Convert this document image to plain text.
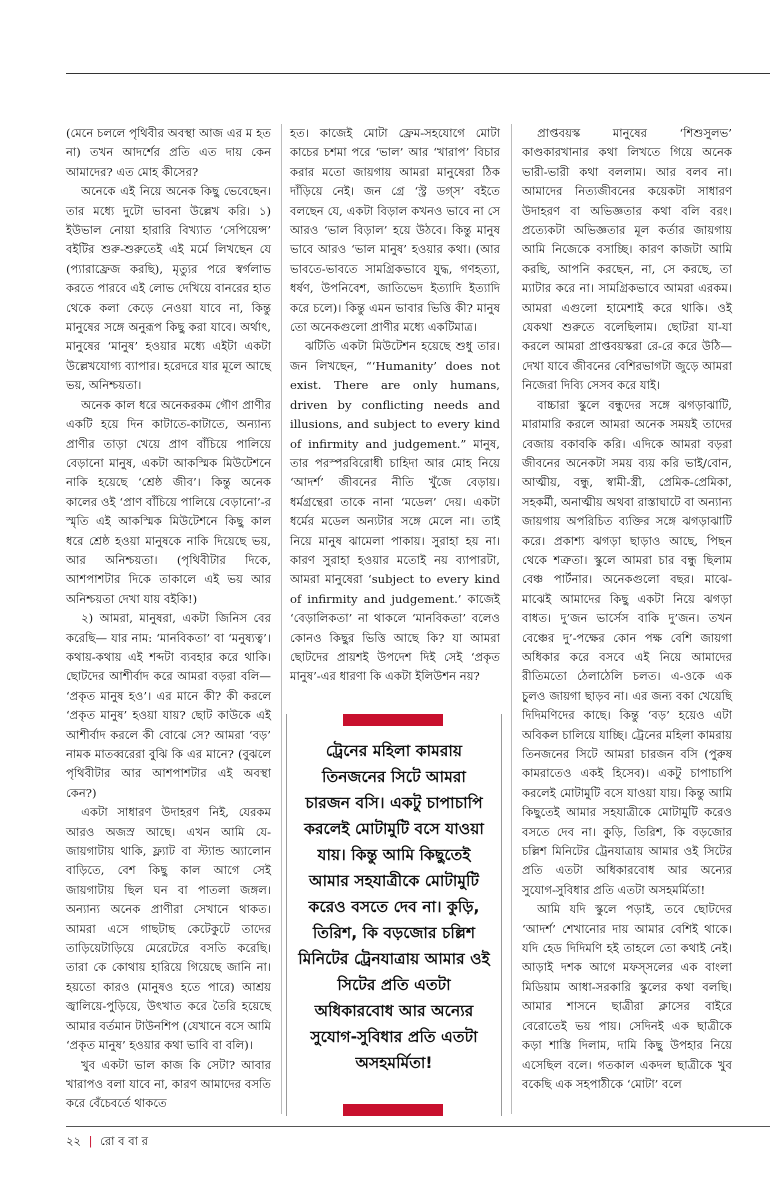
(মেনে চললে পৃথিবীর অবস্থা আজ এর ম হত না) তখন আদর্শের প্রতি এত দায় কেন আমাদের? এত মোহ কীসের?

অনেকে এই নিয়ে অনেক কিছু ভেবেছেন। তার মধ্যে দুটো ভাবনা উল্লেখ করি। ১) ইউভাল নোয়া হারারি বিখ্যাত ‘সেপিয়েন্স’ বইটির শুরু-শুরুতেই এই মর্মে লিখছেন যে (প্যারাফ্রেজ করছি), মৃত্যুর পরে স্বর্গলাভ করতে পারবে এই লোভ দেখিয়ে বানরের হাত থেকে কলা কেড়ে নেওয়া যাবে না, কিন্তু মানুষের সঙ্গে অনুরূপ কিছু করা যাবে। অর্থাৎ, মানুষের ‘মানুষ’ হওয়ার মধ্যে এইটা একটা উল্লেখযোগ্য ব্যাপার। হরেদরে যার মূলে আছে ভয়, অনিশ্চয়তা।

অনেক কাল ধরে অনেকরকম গৌণ প্রাণীর একটি হয়ে দিন কাটাতে-কাটাতে, অন্যান্য প্রাণীর তাড়া খেয়ে প্রাণ বাঁচিয়ে পালিয়ে বেড়ানো মানুষ, একটা আকস্মিক মিউটেশনে নাকি হয়েছে ‘শ্রেষ্ঠ জীব’। কিন্তু অনেক কালের ওই ‘প্রাণ বাঁচিয়ে পালিয়ে বেড়ানো’-র স্মৃতি এই আকস্মিক মিউটেশনে কিছু কাল ধরে শ্রেষ্ঠ হওয়া মানুষকে নাকি দিয়েছে ভয়, আর অনিশ্চয়তা। (পৃথিবীটার দিকে, আশপাশটার দিকে তাকালে এই ভয় আর অনিশ্চয়তা দেখা যায় বইকি!)

২) আমরা, মানুষরা, একটা জিনিস বের করেছি— যার নাম: ‘মানবিকতা’ বা ‘মনুষ্যত্ব’। কথায়-কথায় এই শব্দটা ব্যবহার করে থাকি। ছোটদের আশীর্বাদ করে আমরা বড়রা বলি— ‘প্রকৃত মানুষ হও’। এর মানে কী? কী করলে ‘প্রকৃত মানুষ’ হওয়া যায়? ছোট কাউকে এই আশীর্বাদ করলে কী বোঝে সে? আমরা ‘বড়’ নামক মাতব্বরেরা বুঝি কি এর মানে? (বুঝলে পৃথিবীটার আর আশপাশটার এই অবস্থা কেন?)

একটা সাধারণ উদাহরণ নিই, যেরকম আরও অজস্র আছে। এখন আমি যে-জায়গাটায় থাকি, ফ্ল্যাট বা স্ট্যান্ড অ্যালোন বাড়িতে, বেশ কিছু কাল আগে সেই জায়গাটায় ছিল ঘন বা পাতলা জঙ্গল। অন্যান্য অনেক প্রাণীরা সেখানে থাকত। আমরা এসে গাছটাছ কেটেকুটে তাদের তাড়িয়েটাড়িয়ে মেরেটেরে বসতি করেছি। তারা কে কোথায় হারিয়ে গিয়েছে জানি না। হয়তো কারও (মানুষও হতে পারে) আশ্রয় জ্বালিয়ে-পুড়িয়ে, উৎখাত করে তৈরি হয়েছে আমার বর্তমান টাউনশিপ (যেখানে বসে আমি ‘প্রকৃত মানুষ’ হওয়ার কথা ভাবি বা বলি)।

খুব একটা ভাল কাজ কি সেটা? আবার খারাপও বলা যাবে না, কারণ আমাদের বসতি করে বেঁচেবর্তে থাকতে

হত। কাজেই মোটা ফ্রেম-সহযোগে মোটা কাচের চশমা পরে ‘ভাল’ আর ‘খারাপ’ বিচার করার মতো জায়গায় আমরা মানুষেরা ঠিক দাঁড়িয়ে নেই। জন গ্রে ‘স্ট্র ডগ্স’ বইতে বলছেন যে, একটা বিড়াল কখনও ভাবে না সে আরও ‘ভাল বিড়াল’ হয়ে উঠবে। কিন্তু মানুষ ভাবে আরও ‘ভাল মানুষ’ হওয়ার কথা। (আর ভাবতে-ভাবতে সামগ্রিকভাবে যুদ্ধ, গণহত্যা, ধর্ষণ, উপনিবেশ, জাতিভেদ ইত্যাদি ইত্যাদি করে চলে)। কিন্তু এমন ভাবার ভিত্তি কী? মানুষ তো অনেকগুলো প্রাণীর মধ্যে একটিমাত্র।

ঝটিতি একটা মিউটেশন হয়েছে শুধু তার। জন লিখছেন, “‘Humanity’ does not exist. There are only humans, driven by conflicting needs and illusions, and subject to every kind of infirmity and judgement.” মানুষ, তার পরস্পরবিরোধী চাহিদা আর মোহ নিয়ে ‘আদর্শ’ জীবনের নীতি খুঁজে বেড়ায়। ধর্মগ্রন্থেরা তাকে নানা ‘মডেল’ দেয়। একটা ধর্মের মডেল অন্যটার সঙ্গে মেলে না। তাই নিয়ে মানুষ ঝামেলা পাকায়। সুরাহা হয় না। কারণ সুরাহা হওয়ার মতোই নয় ব্যাপারটা, আমরা মানুষেরা ‘subject to every kind of infirmity and judgement.’ কাজেই ‘বেড়ালিকতা’ না থাকলে ‘মানবিকতা’ বলেও কোনও কিছুর ভিত্তি আছে কি? যা আমরা ছোটদের প্রায়শই উপদেশ দিই সেই ‘প্রকৃত মানুষ’-এর ধারণা কি একটা ইলিউশন নয়?

ট্রেনের মহিলা কামরায় তিনজনের সিটে আমরা চারজন বসি। একটু চাপাচাপি করলেই মোটামুটি বসে যাওয়া যায়। কিন্তু আমি কিছুতেই আমার সহযাত্রীকে মোটামুটি করেও বসতে দেব না। কুড়ি, তিরিশ, কি বড়জোর চল্লিশ মিনিটের ট্রেনযাত্রায় আমার ওই সিটের প্রতি এতটা অধিকারবোধ আর অন্যের সুযোগ-সুবিধার প্রতি এতটা অসহমর্মিতা!

প্রাপ্তবয়স্ক মানুষের ‘শিশুসুলভ’ কাণ্ডকারখানার কথা লিখতে গিয়ে অনেক ভারী-ভারী কথা বললাম। আর বলব না। আমাদের নিত্যজীবনের কয়েকটা সাধারণ উদাহরণ বা অভিজ্ঞতার কথা বলি বরং। প্রত্যেকটা অভিজ্ঞতার মূল কর্তার জায়গায় আমি নিজেকে বসাচ্ছি। কারণ কাজটা আমি করছি, আপনি করছেন, না, সে করছে, তা ম্যাটার করে না। সামগ্রিকভাবে আমরা এরকম। আমরা এগুলো হামেশাই করে থাকি। ওই যেকথা শুরুতে বলেছিলাম। ছোটরা যা-যা করলে আমরা প্রাপ্তবয়স্করা রে-রে করে উঠি— দেখা যাবে জীবনের বেশিরভাগটা জুড়ে আমরা নিজেরা দিব্যি সেসব করে যাই।

বাচ্চারা স্কুলে বন্ধুদের সঙ্গে ঝগড়াঝাটি, মারামারি করলে আমরা অনেক সময়ই তাদের বেজায় বকাবকি করি। এদিকে আমরা বড়রা জীবনের অনেকটা সময় ব্যয় করি ভাই/বোন, আত্মীয়, বন্ধু, স্বামী-স্ত্রী, প্রেমিক-প্রেমিকা, সহকর্মী, অনাত্মীয় অথবা রাস্তাঘাটে বা অন্যান্য জায়গায় অপরিচিত ব্যক্তির সঙ্গে ঝগড়াঝাটি করে। প্রকাশ্য ঝগড়া ছাড়াও আছে, পিছন থেকে শত্রুতা। স্কুলে আমরা চার বন্ধু ছিলাম বেঞ্চ পার্টনার। অনেকগুলো বছর। মাঝে-মাঝেই আমাদের কিছু একটা নিয়ে ঝগড়া বাধত। দু’জন ভার্সেস বাকি দু’জন। তখন বেঞ্চের দু’-পক্ষের কোন পক্ষ বেশি জায়গা অধিকার করে বসবে এই নিয়ে আমাদের রীতিমতো ঠেলাঠেলি চলত। এ-ওকে এক চুলও জায়গা ছাড়ব না। এর জন্য বকা খেয়েছি দিদিমণিদের কাছে। কিন্তু ‘বড়’ হয়েও এটা অবিকল চালিয়ে যাচ্ছি। ট্রেনের মহিলা কামরায় তিনজনের সিটে আমরা চারজন বসি (পুরুষ কামরাতেও একই হিসেব)। একটু চাপাচাপি করলেই মোটামুটি বসে যাওয়া যায়। কিন্তু আমি কিছুতেই আমার সহযাত্রীকে মোটামুটি করেও বসতে দেব না। কুড়ি, তিরিশ, কি বড়জোর চল্লিশ মিনিটের ট্রেনযাত্রায় আমার ওই সিটের প্রতি এতটা অধিকারবোধ আর অন্যের সুযোগ-সুবিধার প্রতি এতটা অসহমর্মিতা!

আমি যদি স্কুলে পড়াই, তবে ছোটদের ‘আদর্শ’ শেখানোর দায় আমার বেশিই থাকে। যদি হেড দিদিমণি হই তাহলে তো কথাই নেই। আড়াই দশক আগে মফস্সলের এক বাংলা মিডিয়াম আধা-সরকারি স্কুলের কথা বলছি। আমার শাসনে ছাত্রীরা ক্লাসের বাইরে বেরোতেই ভয় পায়। সেদিনই এক ছাত্রীকে কড়া শাস্তি দিলাম, দামি কিছু উপহার নিয়ে এসেছিল বলে। গতকাল একদল ছাত্রীকে খুব বকেছি এক সহপাঠীকে ‘মোটা’ বলে

২২ | রো ব বা র
